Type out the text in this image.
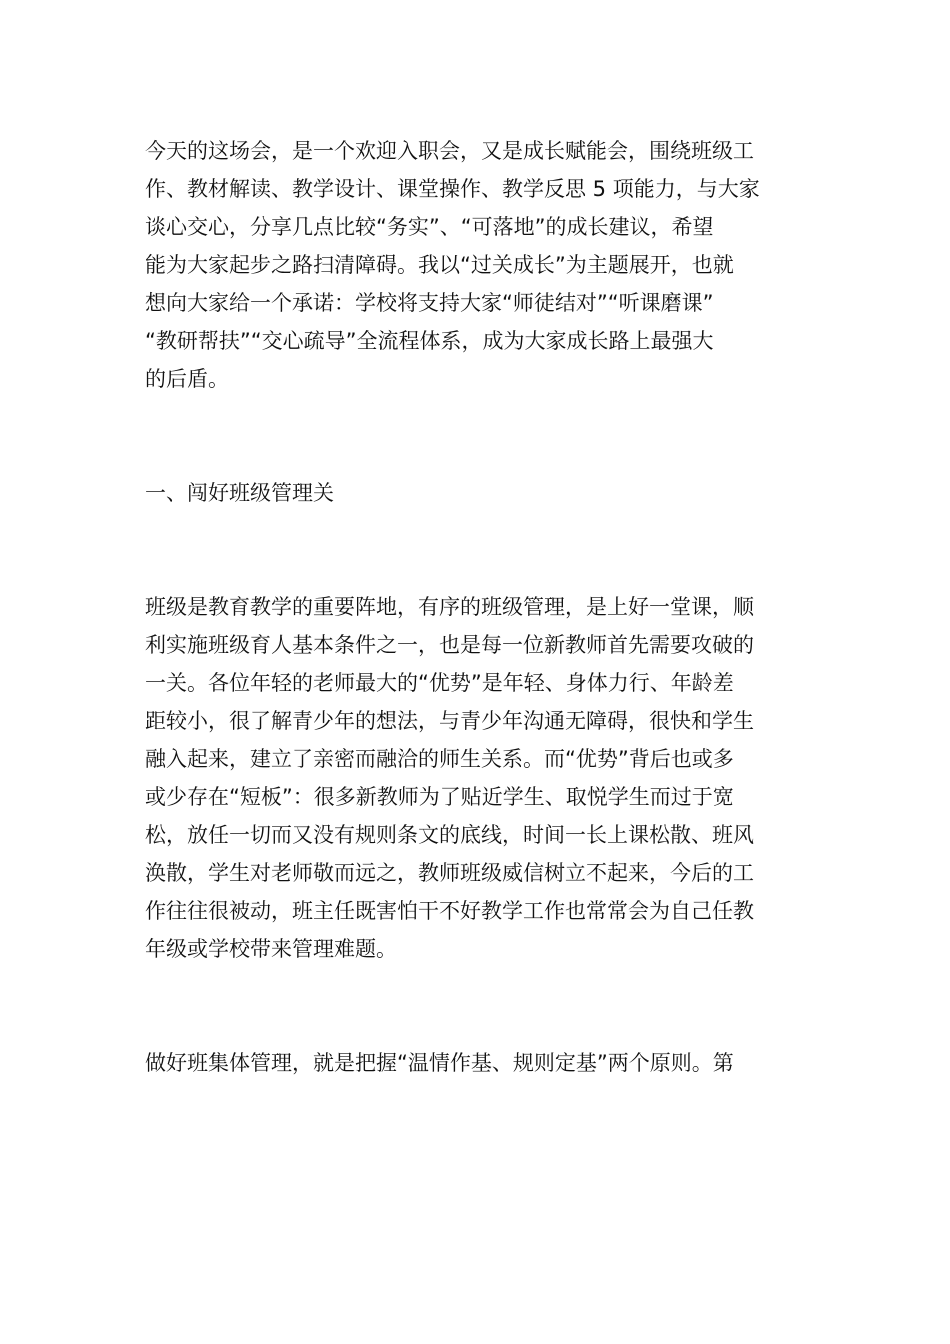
今天的这场会，是一个欢迎入职会，又是成长赋能会，围绕班级工
作、教材解读、教学设计、课堂操作、教学反思 5 项能力，与大家
谈心交心，分享几点比较“务实”、“可落地”的成长建议，希望
能为大家起步之路扫清障碍。我以“过关成长”为主题展开，也就
想向大家给一个承诺：学校将支持大家“师徒结对”“听课磨课”
“教研帮扶”“交心疏导”全流程体系，成为大家成长路上最强大
的后盾。
一、闯好班级管理关
班级是教育教学的重要阵地，有序的班级管理，是上好一堂课，顺
利实施班级育人基本条件之一，也是每一位新教师首先需要攻破的
一关。各位年轻的老师最大的“优势”是年轻、身体力行、年龄差
距较小，很了解青少年的想法，与青少年沟通无障碍，很快和学生
融入起来，建立了亲密而融洽的师生关系。而“优势”背后也或多
或少存在“短板”：很多新教师为了贴近学生、取悦学生而过于宽
松，放任一切而又没有规则条文的底线，时间一长上课松散、班风
涣散，学生对老师敬而远之，教师班级威信树立不起来，今后的工
作往往很被动，班主任既害怕干不好教学工作也常常会为自己任教
年级或学校带来管理难题。
做好班集体管理，就是把握“温情作基、规则定基”两个原则。第
